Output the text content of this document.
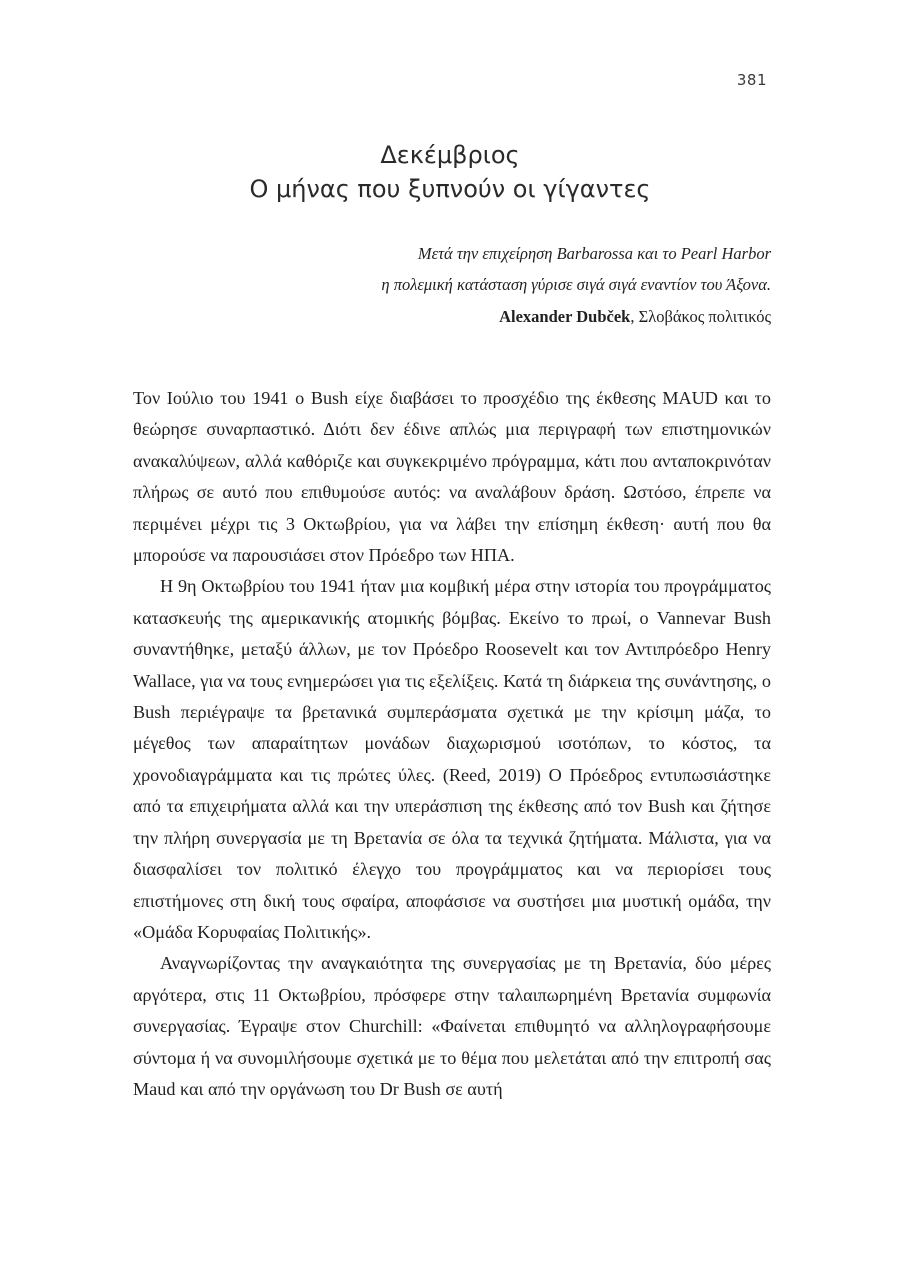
381
Δεκέμβριος
Ο μήνας που ξυπνούν οι γίγαντες
Μετά την επιχείρηση Barbarossa και το Pearl Harbor
η πολεμική κατάσταση γύρισε σιγά σιγά εναντίον του Άξονα.
Alexander Dubček, Σλοβάκος πολιτικός

Τον Ιούλιο του 1941 ο Bush είχε διαβάσει το προσχέδιο της έκθεσης MAUD και το θεώρησε συναρπαστικό. Διότι δεν έδινε απλώς μια περιγραφή των επιστημονικών ανακαλύψεων, αλλά καθόριζε και συγκεκριμένο πρόγραμμα, κάτι που ανταποκρινόταν πλήρως σε αυτό που επιθυμούσε αυτός: να αναλάβουν δράση. Ωστόσο, έπρεπε να περιμένει μέχρι τις 3 Οκτωβρίου, για να λάβει την επίσημη έκθεση· αυτή που θα μπορούσε να παρουσιάσει στον Πρόεδρο των ΗΠΑ.

Η 9η Οκτωβρίου του 1941 ήταν μια κομβική μέρα στην ιστορία του προγράμματος κατασκευής της αμερικανικής ατομικής βόμβας. Εκείνο το πρωί, ο Vannevar Bush συναντήθηκε, μεταξύ άλλων, με τον Πρόεδρο Roosevelt και τον Αντιπρόεδρο Henry Wallace, για να τους ενημερώσει για τις εξελίξεις. Κατά τη διάρκεια της συνάντησης, ο Bush περιέγραψε τα βρετανικά συμπεράσματα σχετικά με την κρίσιμη μάζα, το μέγεθος των απαραίτητων μονάδων διαχωρισμού ισοτόπων, το κόστος, τα χρονοδιαγράμματα και τις πρώτες ύλες. (Reed, 2019) Ο Πρόεδρος εντυπωσιάστηκε από τα επιχειρήματα αλλά και την υπεράσπιση της έκθεσης από τον Bush και ζήτησε την πλήρη συνεργασία με τη Βρετανία σε όλα τα τεχνικά ζητήματα. Μάλιστα, για να διασφαλίσει τον πολιτικό έλεγχο του προγράμματος και να περιορίσει τους επιστήμονες στη δική τους σφαίρα, αποφάσισε να συστήσει μια μυστική ομάδα, την «Ομάδα Κορυφαίας Πολιτικής».

Αναγνωρίζοντας την αναγκαιότητα της συνεργασίας με τη Βρετανία, δύο μέρες αργότερα, στις 11 Οκτωβρίου, πρόσφερε στην ταλαιπωρημένη Βρετανία συμφωνία συνεργασίας. Έγραψε στον Churchill: «Φαίνεται επιθυμητό να αλληλογραφήσουμε σύντομα ή να συνομιλήσουμε σχετικά με το θέμα που μελετάται από την επιτροπή σας Maud και από την οργάνωση του Dr Bush σε αυτή
